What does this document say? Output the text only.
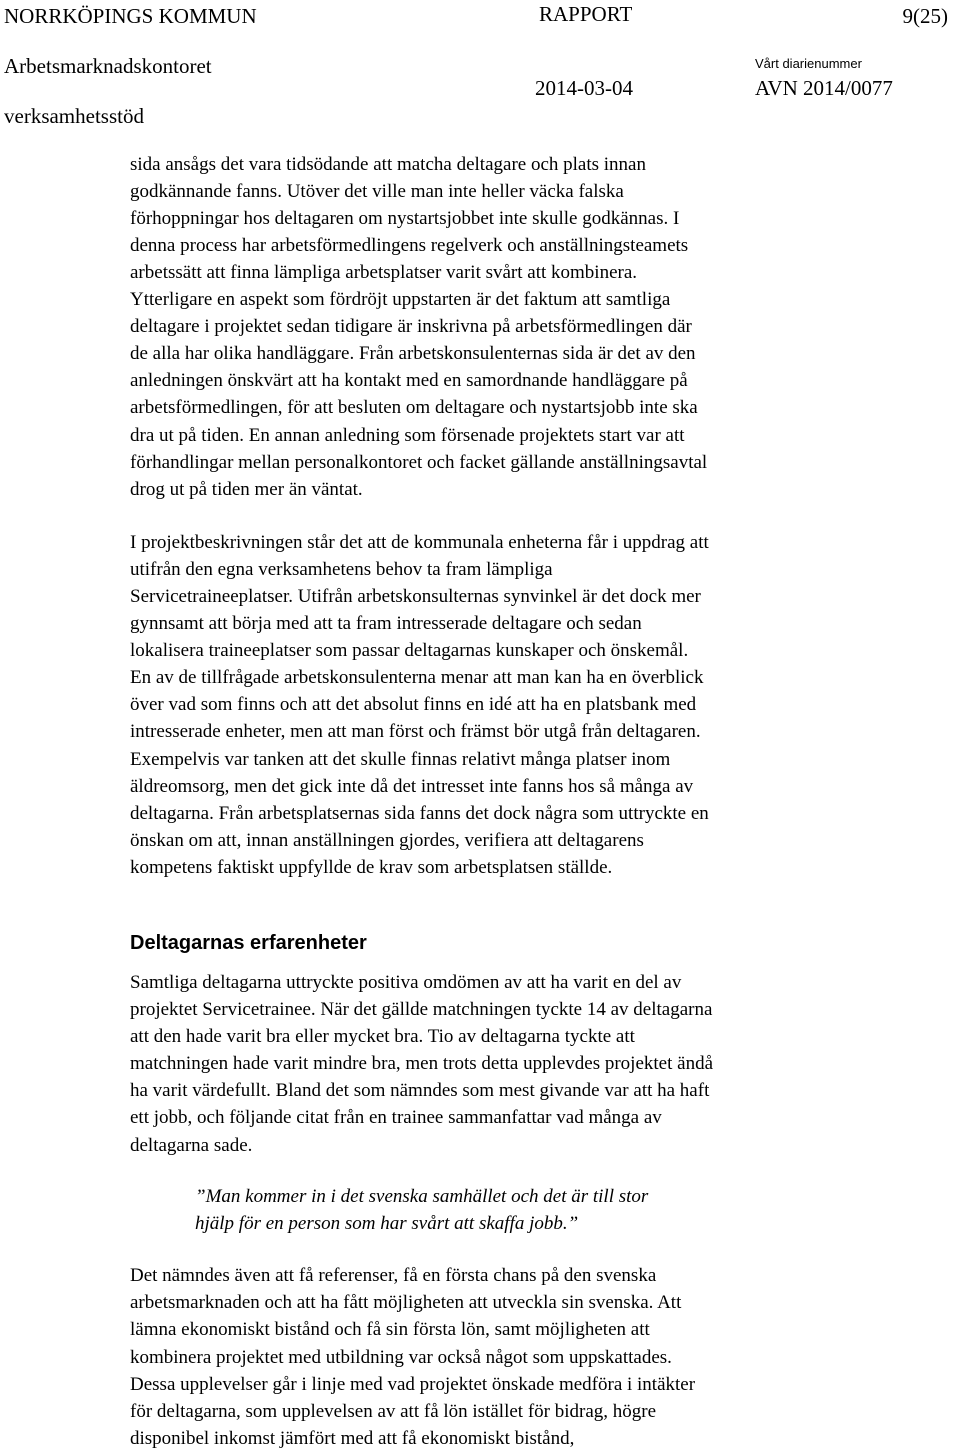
NORRKÖPINGS KOMMUN	RAPPORT	9(25)
Arbetsmarknadskontoret
2014-03-04
Vårt diarienummer
AVN 2014/0077
verksamhetsstöd
sida ansågs det vara tidsödande att matcha deltagare och plats innan
godkännande fanns. Utöver det ville man inte heller väcka falska
förhoppningar hos deltagaren om nystartsjobbet inte skulle godkännas. I
denna process har arbetsförmedlingens regelverk och anställningsteamets
arbetssätt att finna lämpliga arbetsplatser varit svårt att kombinera.
Ytterligare en aspekt som fördröjt uppstarten är det faktum att samtliga
deltagare i projektet sedan tidigare är inskrivna på arbetsförmedlingen där
de alla har olika handläggare. Från arbetskonsulenternas sida är det av den
anledningen önskvärt att ha kontakt med en samordnande handläggare på
arbetsförmedlingen, för att besluten om deltagare och nystartsjobb inte ska
dra ut på tiden. En annan anledning som försenade projektets start var att
förhandlingar mellan personalkontoret och facket gällande anställningsavtal
drog ut på tiden mer än väntat.
I projektbeskrivningen står det att de kommunala enheterna får i uppdrag att
utifrån den egna verksamhetens behov ta fram lämpliga
Servicetraineeplatser. Utifrån arbetskonsulternas synvinkel är det dock mer
gynnsamt att börja med att ta fram intresserade deltagare och sedan
lokalisera traineeplatser som passar deltagarnas kunskaper och önskemål.
En av de tillfrågade arbetskonsulenterna menar att man kan ha en överblick
över vad som finns och att det absolut finns en idé att ha en platsbank med
intresserade enheter, men att man först och främst bör utgå från deltagaren.
Exempelvis var tanken att det skulle finnas relativt många platser inom
äldreomsorg, men det gick inte då det intresset inte fanns hos så många av
deltagarna. Från arbetsplatsernas sida fanns det dock några som uttryckte en
önskan om att, innan anställningen gjordes, verifiera att deltagarens
kompetens faktiskt uppfyllde de krav som arbetsplatsen ställde.
Deltagarnas erfarenheter
Samtliga deltagarna uttryckte positiva omdömen av att ha varit en del av
projektet Servicetrainee. När det gällde matchningen tyckte 14 av deltagarna
att den hade varit bra eller mycket bra. Tio av deltagarna tyckte att
matchningen hade varit mindre bra, men trots detta upplevdes projektet ändå
ha varit värdefullt. Bland det som nämndes som mest givande var att ha haft
ett jobb, och följande citat från en trainee sammanfattar vad många av
deltagarna sade.
”Man kommer in i det svenska samhället och det är till stor
hjälp för en person som har svårt att skaffa jobb.”
Det nämndes även att få referenser, få en första chans på den svenska
arbetsmarknaden och att ha fått möjligheten att utveckla sin svenska. Att
lämna ekonomiskt bistånd och få sin första lön, samt möjligheten att
kombinera projektet med utbildning var också något som uppskattades.
Dessa upplevelser går i linje med vad projektet önskade medföra i intäkter
för deltagarna, som upplevelsen av att få lön istället för bidrag, högre
disponibel inkomst jämfört med att få ekonomiskt bistånd,
